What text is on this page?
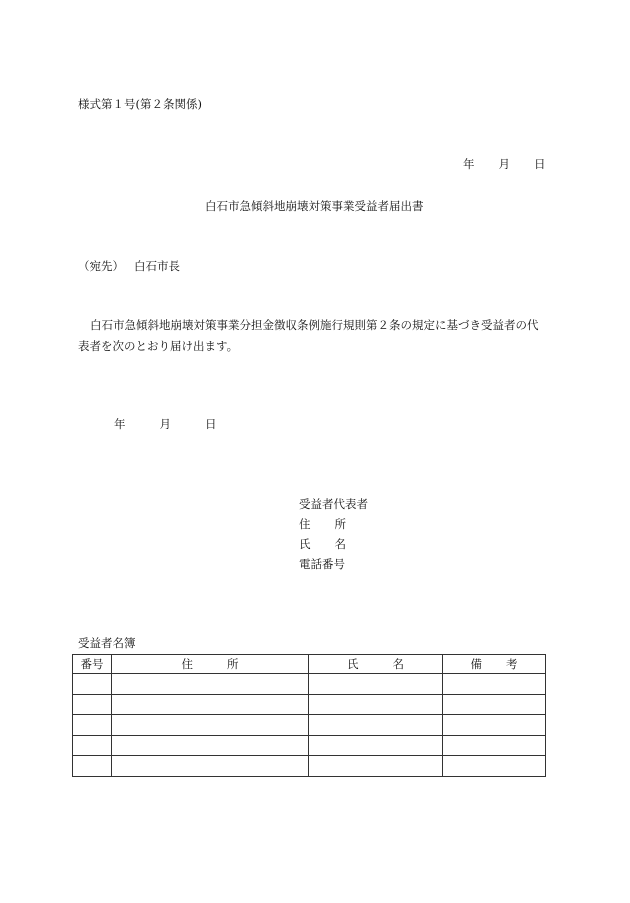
様式第１号(第２条関係)
年 月 日
白石市急傾斜地崩壊対策事業受益者届出書
（宛先） 白石市長
白石市急傾斜地崩壊対策事業分担金徴収条例施行規則第２条の規定に基づき受益者の代
表者を次のとおり届け出ます。
年	月	日
受益者代表者
住 所
氏 名
電話番号
受益者名簿
番号	住 所	氏 名	備 考
